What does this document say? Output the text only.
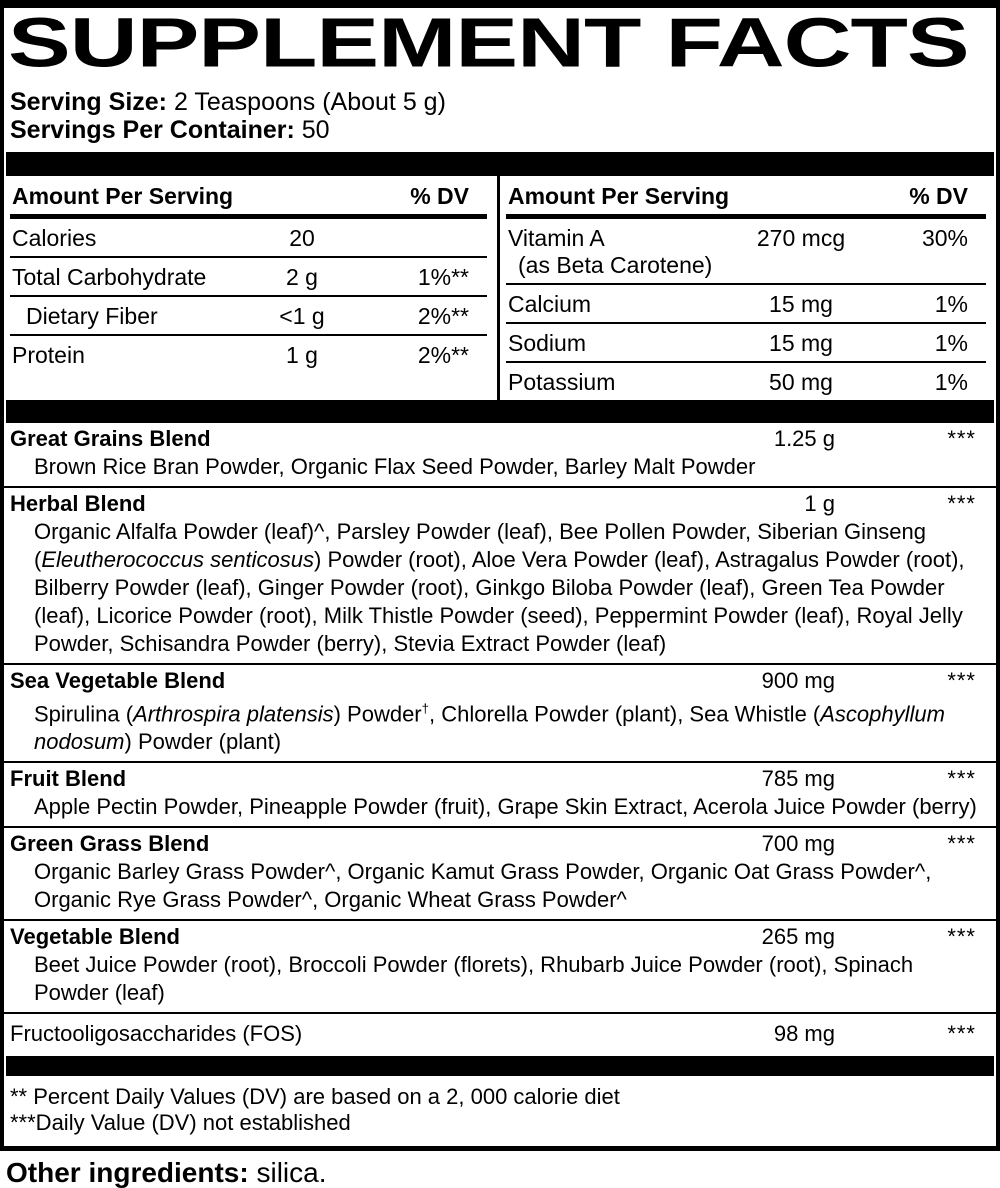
SUPPLEMENT FACTS
Serving Size: 2 Teaspoons (About 5 g)
Servings Per Container: 50
Amount Per Serving	% DV
Calories	20
Total Carbohydrate	2 g	1%**
Dietary Fiber	<1 g	2%**
Protein	1 g	2%**
Amount Per Serving	% DV
Vitamin A
(as Beta Carotene)
270 mcg	30%
Calcium	15 mg	1%
Sodium	15 mg	1%
Potassium	50 mg	1%
Great Grains Blend	1.25 g	***
Brown Rice Bran Powder, Organic Flax Seed Powder, Barley Malt Powder
Herbal Blend	1 g	***
Organic Alfalfa Powder (leaf)^, Parsley Powder (leaf), Bee Pollen Powder, Siberian Ginseng (Eleutherococcus senticosus) Powder (root), Aloe Vera Powder (leaf), Astragalus Powder (root), Bilberry Powder (leaf), Ginger Powder (root), Ginkgo Biloba Powder (leaf), Green Tea Powder (leaf), Licorice Powder (root), Milk Thistle Powder (seed), Peppermint Powder (leaf), Royal Jelly Powder, Schisandra Powder (berry), Stevia Extract Powder (leaf)
Sea Vegetable Blend	900 mg	***
Spirulina (Arthrospira platensis) Powder†, Chlorella Powder (plant), Sea Whistle (Ascophyllum nodosum) Powder (plant)
Fruit Blend	785 mg	***
Apple Pectin Powder, Pineapple Powder (fruit), Grape Skin Extract, Acerola Juice Powder (berry)
Green Grass Blend	700 mg	***
Organic Barley Grass Powder^, Organic Kamut Grass Powder, Organic Oat Grass Powder^, Organic Rye Grass Powder^, Organic Wheat Grass Powder^
Vegetable Blend	265 mg	***
Beet Juice Powder (root), Broccoli Powder (florets), Rhubarb Juice Powder (root), Spinach Powder (leaf)
Fructooligosaccharides (FOS)	98 mg	***
** Percent Daily Values (DV) are based on a 2, 000 calorie diet
***Daily Value (DV) not established
Other ingredients: silica.
